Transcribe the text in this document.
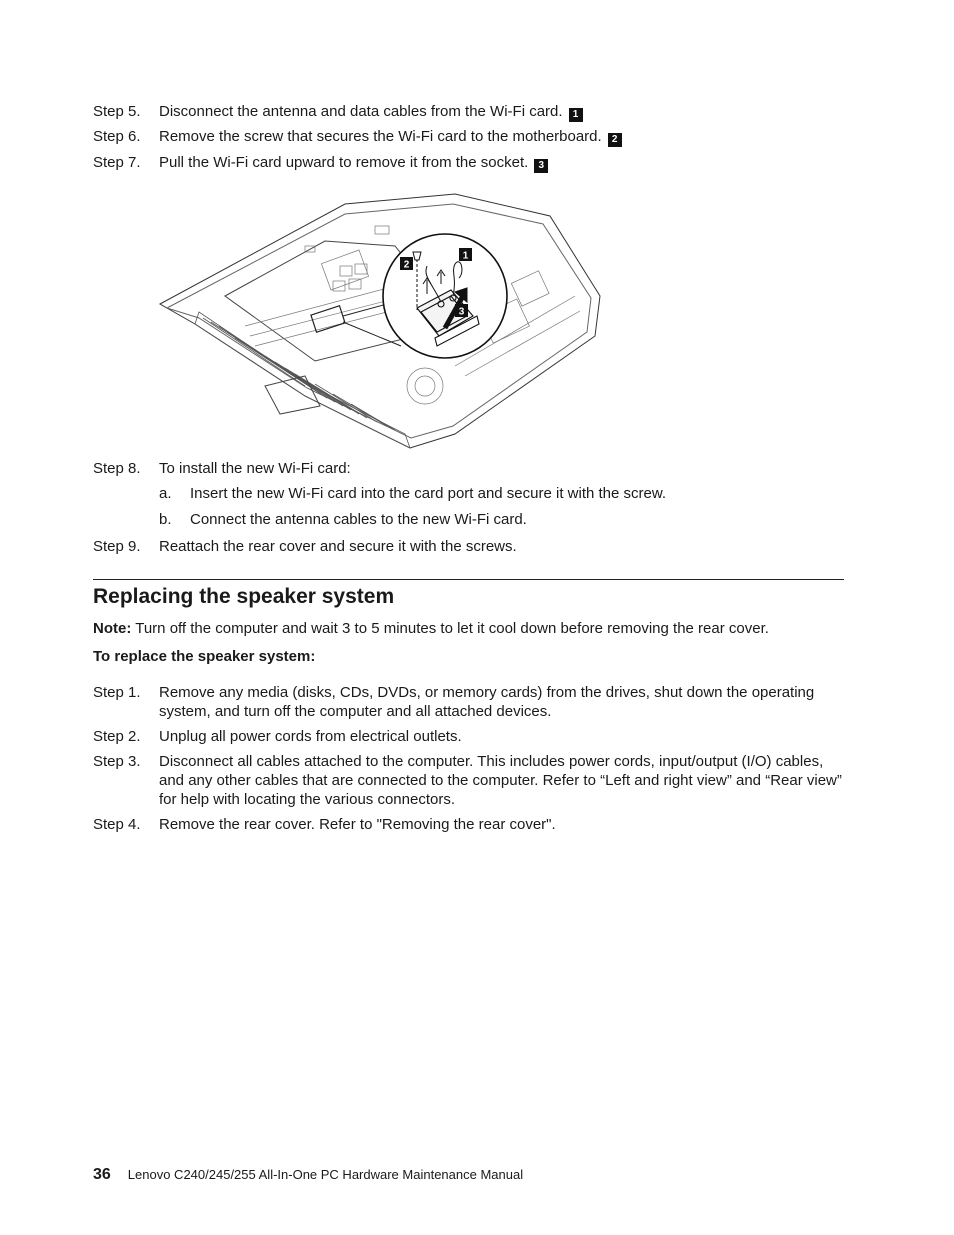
Step 5.	Disconnect the antenna and data cables from the Wi-Fi card. 1
Step 6.	Remove the screw that secures the Wi-Fi card to the motherboard. 2
Step 7.	Pull the Wi-Fi card upward to remove it from the socket. 3
1
2
3
Step 8.	To install the new Wi-Fi card:
a. Insert the new Wi-Fi card into the card port and secure it with the screw.
b. Connect the antenna cables to the new Wi-Fi card.
Step 9.	Reattach the rear cover and secure it with the screws.
Replacing the speaker system
Note: Turn off the computer and wait 3 to 5 minutes to let it cool down before removing the rear cover.
To replace the speaker system:
Step 1.	Remove any media (disks, CDs, DVDs, or memory cards) from the drives, shut down the operating system, and turn off the computer and all attached devices.
Step 2.	Unplug all power cords from electrical outlets.
Step 3.	Disconnect all cables attached to the computer. This includes power cords, input/output (I/O) cables, and any other cables that are connected to the computer. Refer to “Left and right view” and “Rear view” for help with locating the various connectors.
Step 4.	Remove the rear cover. Refer to "Removing the rear cover".
36 Lenovo C240/245/255 All-In-One PC Hardware Maintenance Manual
